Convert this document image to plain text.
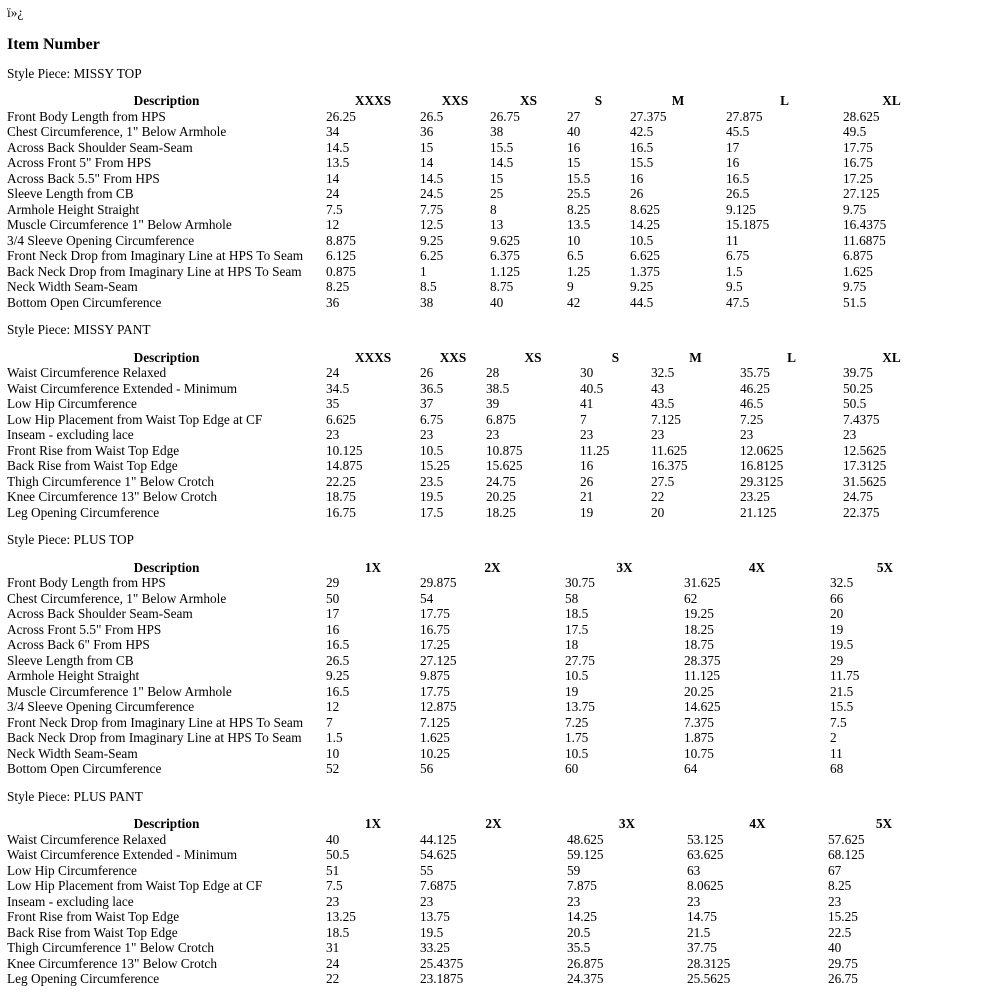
ï»¿
Item Number

Style Piece: MISSY TOP

Description	XXXS	XXS	XS	S	M	L	XL
Front Body Length from HPS	26.25	26.5	26.75	27	27.375	27.875	28.625
Chest Circumference, 1" Below Armhole	34	36	38	40	42.5	45.5	49.5
Across Back Shoulder Seam-Seam	14.5	15	15.5	16	16.5	17	17.75
Across Front 5" From HPS	13.5	14	14.5	15	15.5	16	16.75
Across Back 5.5" From HPS	14	14.5	15	15.5	16	16.5	17.25
Sleeve Length from CB	24	24.5	25	25.5	26	26.5	27.125
Armhole Height Straight	7.5	7.75	8	8.25	8.625	9.125	9.75
Muscle Circumference 1" Below Armhole	12	12.5	13	13.5	14.25	15.1875	16.4375
3/4 Sleeve Opening Circumference	8.875	9.25	9.625	10	10.5	11	11.6875
Front Neck Drop from Imaginary Line at HPS To Seam	6.125	6.25	6.375	6.5	6.625	6.75	6.875
Back Neck Drop from Imaginary Line at HPS To Seam	0.875	1	1.125	1.25	1.375	1.5	1.625
Neck Width Seam-Seam	8.25	8.5	8.75	9	9.25	9.5	9.75
Bottom Open Circumference	36	38	40	42	44.5	47.5	51.5

Style Piece: MISSY PANT

Description	XXXS	XXS	XS	S	M	L	XL
Waist Circumference Relaxed	24	26	28	30	32.5	35.75	39.75
Waist Circumference Extended - Minimum	34.5	36.5	38.5	40.5	43	46.25	50.25
Low Hip Circumference	35	37	39	41	43.5	46.5	50.5
Low Hip Placement from Waist Top Edge at CF	6.625	6.75	6.875	7	7.125	7.25	7.4375
Inseam - excluding lace	23	23	23	23	23	23	23
Front Rise from Waist Top Edge	10.125	10.5	10.875	11.25	11.625	12.0625	12.5625
Back Rise from Waist Top Edge	14.875	15.25	15.625	16	16.375	16.8125	17.3125
Thigh Circumference 1" Below Crotch	22.25	23.5	24.75	26	27.5	29.3125	31.5625
Knee Circumference 13" Below Crotch	18.75	19.5	20.25	21	22	23.25	24.75
Leg Opening Circumference	16.75	17.5	18.25	19	20	21.125	22.375

Style Piece: PLUS TOP

Description	1X	2X	3X	4X	5X
Front Body Length from HPS	29	29.875	30.75	31.625	32.5
Chest Circumference, 1" Below Armhole	50	54	58	62	66
Across Back Shoulder Seam-Seam	17	17.75	18.5	19.25	20
Across Front 5.5" From HPS	16	16.75	17.5	18.25	19
Across Back 6" From HPS	16.5	17.25	18	18.75	19.5
Sleeve Length from CB	26.5	27.125	27.75	28.375	29
Armhole Height Straight	9.25	9.875	10.5	11.125	11.75
Muscle Circumference 1" Below Armhole	16.5	17.75	19	20.25	21.5
3/4 Sleeve Opening Circumference	12	12.875	13.75	14.625	15.5
Front Neck Drop from Imaginary Line at HPS To Seam	7	7.125	7.25	7.375	7.5
Back Neck Drop from Imaginary Line at HPS To Seam	1.5	1.625	1.75	1.875	2
Neck Width Seam-Seam	10	10.25	10.5	10.75	11
Bottom Open Circumference	52	56	60	64	68

Style Piece: PLUS PANT

Description	1X	2X	3X	4X	5X
Waist Circumference Relaxed	40	44.125	48.625	53.125	57.625
Waist Circumference Extended - Minimum	50.5	54.625	59.125	63.625	68.125
Low Hip Circumference	51	55	59	63	67
Low Hip Placement from Waist Top Edge at CF	7.5	7.6875	7.875	8.0625	8.25
Inseam - excluding lace	23	23	23	23	23
Front Rise from Waist Top Edge	13.25	13.75	14.25	14.75	15.25
Back Rise from Waist Top Edge	18.5	19.5	20.5	21.5	22.5
Thigh Circumference 1" Below Crotch	31	33.25	35.5	37.75	40
Knee Circumference 13" Below Crotch	24	25.4375	26.875	28.3125	29.75
Leg Opening Circumference	22	23.1875	24.375	25.5625	26.75
